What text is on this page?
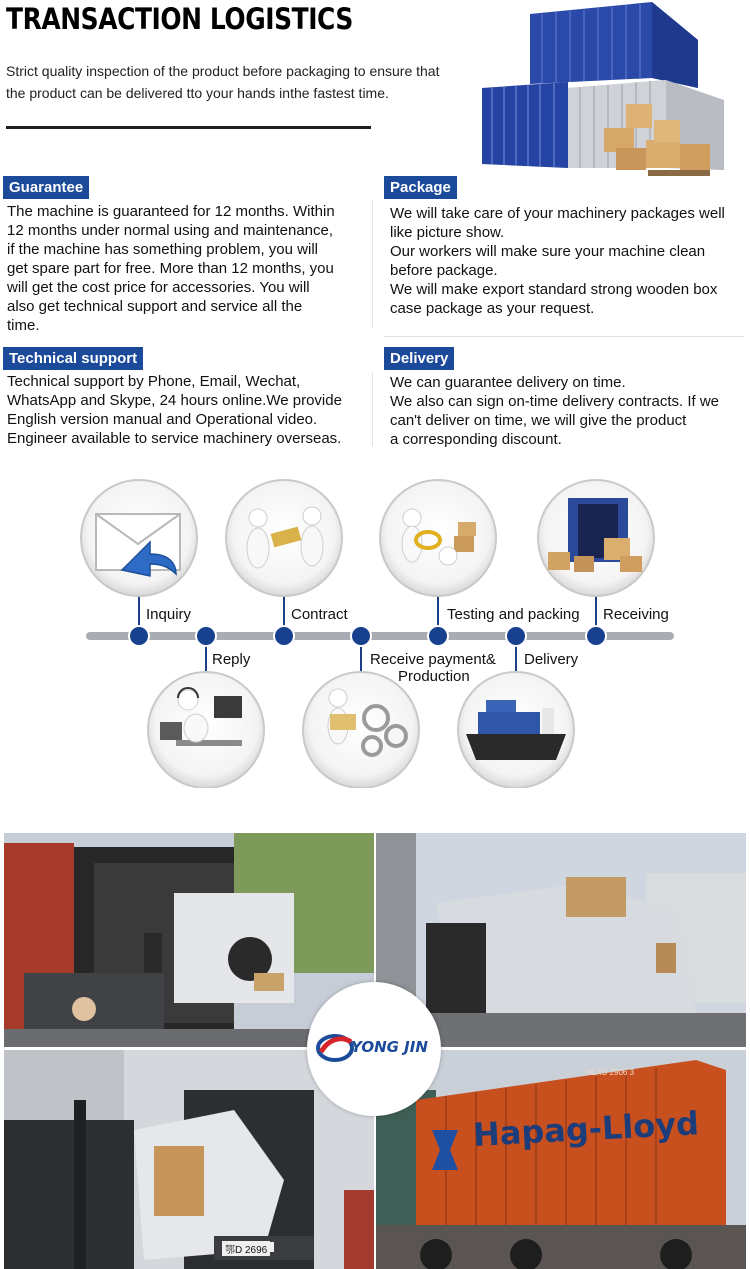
TRANSACTION LOGISTICS
Strict quality inspection of the product before packaging to ensure that
the product can be delivered tto your hands inthe fastest time.
Guarantee
The machine is guaranteed for 12 months. Within
12 months under normal using and maintenance,
if the machine has something problem, you will
get spare part for free. More than 12 months, you
will get the cost price for accessories. You will
also get technical support and service all the
time.
Package
We will take care of your machinery packages well
like picture show.
Our workers will make sure your machine clean
before package.
We will make export standard strong wooden box
case package as your request.
Technical support
Technical support by Phone, Email, Wechat,
WhatsApp and Skype, 24 hours online.We provide
English version manual and Operational video.
Engineer available to service machinery overseas.
Delivery
We can guarantee delivery on time.
We also can sign on-time delivery contracts. If we
can't deliver on time, we will give the product
a corresponding discount.
Inquiry
Reply
Contract
Receive payment&
Production
Testing and packing
Delivery
Receiving
Hapag-Lloyd
HLXU 2906 3
鄂D 2696
YONG JIN
